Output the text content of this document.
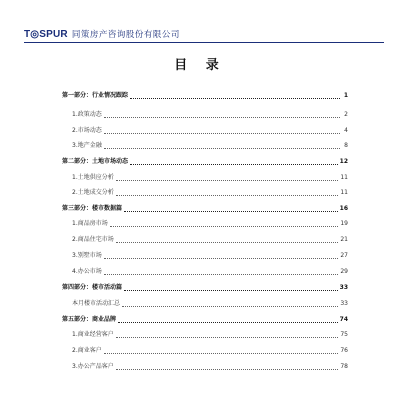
T◎SPUR 同策房产咨询股份有限公司
目 录
第一部分：行业情况跟踪	1
1.政策动态	2
2.市场动态	4
3.地产金融	8
第二部分：土地市场动态	12
1.土地供应分析	11
2.土地成交分析	11
第三部分：楼市数据篇	16
1.商品房市场	19
2.商品住宅市场	21
3.别墅市场	27
4.办公市场	29
第四部分：楼市活动篇	33
本月楼市活动汇总	33
第五部分：商业品牌	74
1.商业经营客户	75
2.商业客户	76
3.办公产品客户	78
